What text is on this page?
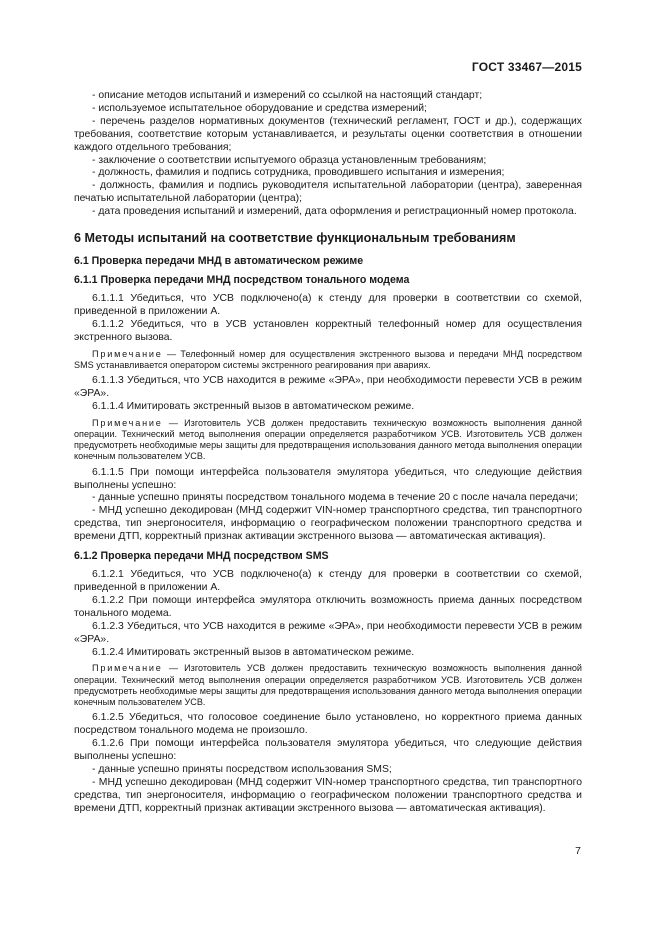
ГОСТ 33467—2015

- описание методов испытаний и измерений со ссылкой на настоящий стандарт;

- используемое испытательное оборудование и средства измерений;

- перечень разделов нормативных документов (технический регламент, ГОСТ и др.), содержащих требования, соответствие которым устанавливается, и результаты оценки соответствия в отношении каждого отдельного требования;

- заключение о соответствии испытуемого образца установленным требованиям;

- должность, фамилия и подпись сотрудника, проводившего испытания и измерения;

- должность, фамилия и подпись руководителя испытательной лаборатории (центра), заверенная печатью испытательной лаборатории (центра);

- дата проведения испытаний и измерений, дата оформления и регистрационный номер протокола.

6 Методы испытаний на соответствие функциональным требованиям
6.1 Проверка передачи МНД в автоматическом режиме
6.1.1 Проверка передачи МНД посредством тонального модема

6.1.1.1 Убедиться, что УСВ подключено(а) к стенду для проверки в соответствии со схемой, приведенной в приложении А.

6.1.1.2 Убедиться, что в УСВ установлен корректный телефонный номер для осуществления экстренного вызова.

Примечание — Телефонный номер для осуществления экстренного вызова и передачи МНД посредством SMS устанавливается оператором системы экстренного реагирования при авариях.

6.1.1.3 Убедиться, что УСВ находится в режиме «ЭРА», при необходимости перевести УСВ в режим «ЭРА».

6.1.1.4 Имитировать экстренный вызов в автоматическом режиме.

Примечание — Изготовитель УСВ должен предоставить техническую возможность выполнения данной операции. Технический метод выполнения операции определяется разработчиком УСВ. Изготовитель УСВ должен предусмотреть необходимые меры защиты для предотвращения использования данного метода выполнения операции конечным пользователем УСВ.

6.1.1.5 При помощи интерфейса пользователя эмулятора убедиться, что следующие действия выполнены успешно:

- данные успешно приняты посредством тонального модема в течение 20 с после начала передачи;

- МНД успешно декодирован (МНД содержит VIN-номер транспортного средства, тип транспортного средства, тип энергоносителя, информацию о географическом положении транспортного средства и времени ДТП, корректный признак активации экстренного вызова — автоматическая активация).

6.1.2 Проверка передачи МНД посредством SMS

6.1.2.1 Убедиться, что УСВ подключено(а) к стенду для проверки в соответствии со схемой, приведенной в приложении А.

6.1.2.2 При помощи интерфейса эмулятора отключить возможность приема данных посредством тонального модема.

6.1.2.3 Убедиться, что УСВ находится в режиме «ЭРА», при необходимости перевести УСВ в режим «ЭРА».

6.1.2.4 Имитировать экстренный вызов в автоматическом режиме.

Примечание — Изготовитель УСВ должен предоставить техническую возможность выполнения данной операции. Технический метод выполнения операции определяется разработчиком УСВ. Изготовитель УСВ должен предусмотреть необходимые меры защиты для предотвращения использования данного метода выполнения операции конечным пользователем УСВ.

6.1.2.5 Убедиться, что голосовое соединение было установлено, но корректного приема данных посредством тонального модема не произошло.

6.1.2.6 При помощи интерфейса пользователя эмулятора убедиться, что следующие действия выполнены успешно:

- данные успешно приняты посредством использования SMS;

- МНД успешно декодирован (МНД содержит VIN-номер транспортного средства, тип транспортного средства, тип энергоносителя, информацию о географическом положении транспортного средства и времени ДТП, корректный признак активации экстренного вызова — автоматическая активация).

7
